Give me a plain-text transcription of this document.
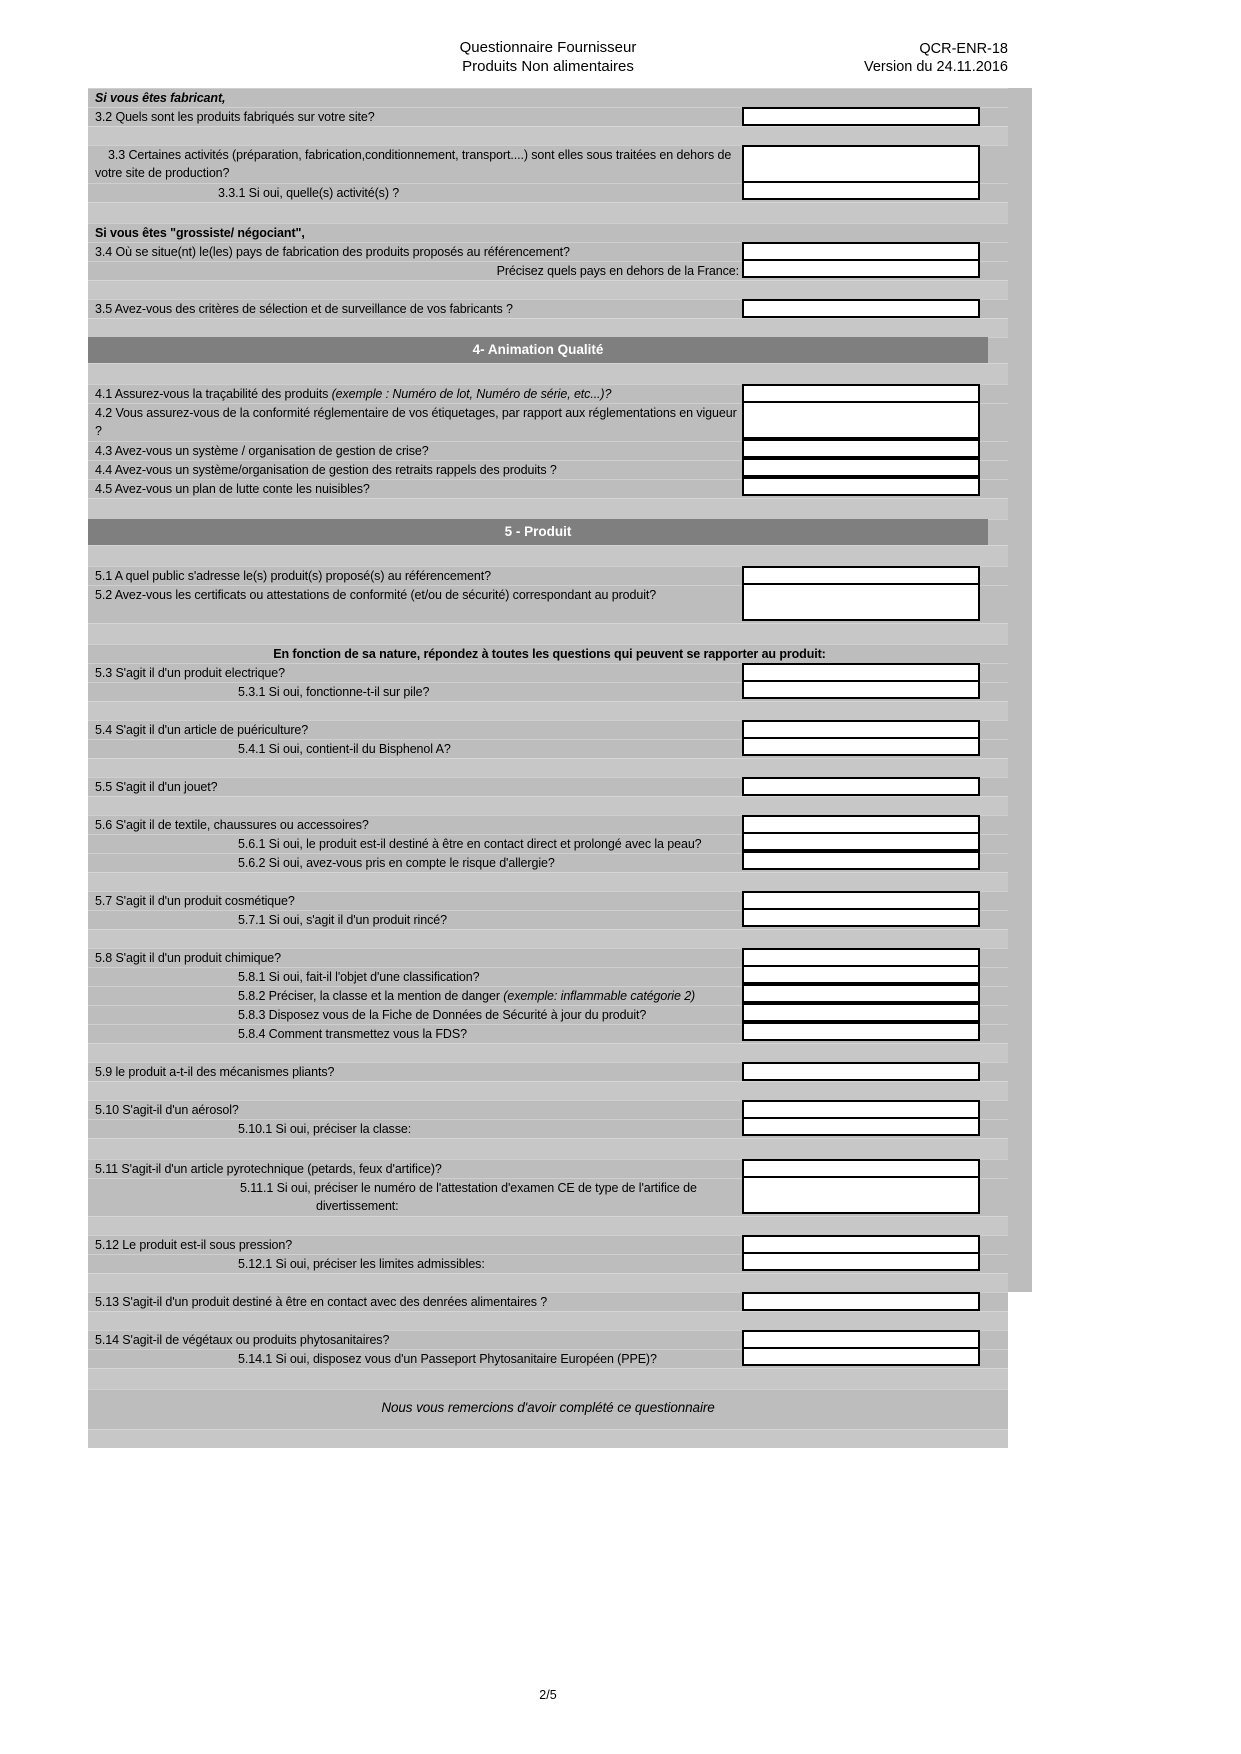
Questionnaire Fournisseur
Produits Non alimentaires
QCR-ENR-18
Version du 24.11.2016
Si vous êtes fabricant,
3.2 Quels sont les produits fabriqués sur votre site?
3.3 Certaines activités (préparation, fabrication,conditionnement, transport....) sont elles sous traitées en dehors de votre site de production?
3.3.1 Si oui, quelle(s) activité(s) ?
Si vous êtes "grossiste/ négociant",
3.4 Où se situe(nt) le(les) pays de fabrication des produits proposés au référencement?
Précisez quels pays en dehors de la France:
3.5 Avez-vous des critères de sélection et de surveillance de vos fabricants ?
4- Animation Qualité
4.1 Assurez-vous la traçabilité des produits (exemple : Numéro de lot, Numéro de série, etc...)?
4.2 Vous assurez-vous de la conformité réglementaire de vos étiquetages, par rapport aux réglementations en vigueur ?
4.3 Avez-vous un système / organisation de gestion de crise?
4.4 Avez-vous un système/organisation de gestion des retraits rappels des produits ?
4.5 Avez-vous un plan de lutte conte les nuisibles?
5 - Produit
5.1 A quel public s'adresse le(s) produit(s) proposé(s) au référencement?
5.2 Avez-vous les certificats ou attestations de conformité (et/ou de sécurité) correspondant au produit?
En fonction de sa nature, répondez à toutes les questions qui peuvent se rapporter au produit:
5.3 S'agit il d'un produit electrique?
5.3.1 Si oui, fonctionne-t-il sur pile?
5.4 S'agit il d'un article de puériculture?
5.4.1 Si oui, contient-il du Bisphenol A?
5.5 S'agit il d'un jouet?
5.6 S'agit il de textile, chaussures ou accessoires?
5.6.1 Si oui, le produit est-il destiné à être en contact direct et prolongé avec la peau?
5.6.2 Si oui, avez-vous pris en compte le risque d'allergie?
5.7 S'agit il d'un produit cosmétique?
5.7.1 Si oui, s'agit il d'un produit rincé?
5.8 S'agit il d'un produit chimique?
5.8.1 Si oui, fait-il l'objet d'une classification?
5.8.2 Préciser, la classe et la mention de danger (exemple: inflammable catégorie 2)
5.8.3 Disposez vous de la Fiche de Données de Sécurité à jour du produit?
5.8.4 Comment transmettez vous la FDS?
5.9 le produit a-t-il des mécanismes pliants?
5.10 S'agit-il d'un aérosol?
5.10.1 Si oui, préciser la classe:
5.11 S'agit-il d'un article pyrotechnique (petards, feux d'artifice)?
5.11.1 Si oui, préciser le numéro de l'attestation d'examen CE de type de l'artifice de divertissement:
5.12 Le produit est-il sous pression?
5.12.1 Si oui, préciser les limites admissibles:
5.13 S'agit-il d'un produit destiné à être en contact avec des denrées alimentaires ?
5.14 S'agit-il de végétaux ou produits phytosanitaires?
5.14.1 Si oui, disposez vous d'un Passeport Phytosanitaire Européen (PPE)?
Nous vous remercions d'avoir complété ce questionnaire
2/5
